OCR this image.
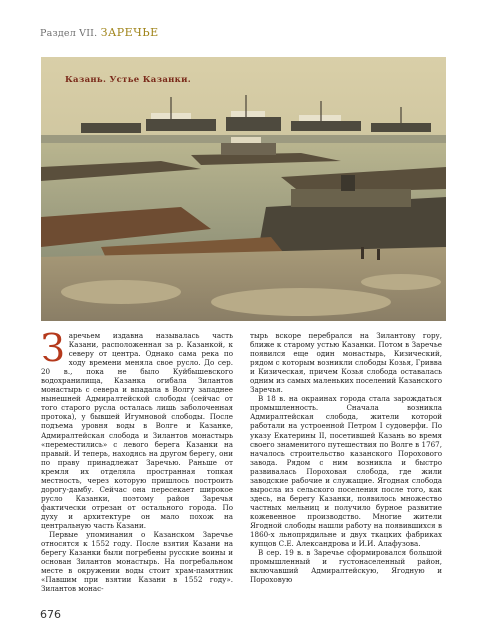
Раздел VII. ЗАРЕЧЬЕ
Казань. Устье Казанки.

Заречьем издавна называлась часть Казани, расположенная за р. Казанкой, к северу от центра. Однако сама река по ходу времени меняла свое русло. До сер. 20 в., пока не было Куйбышевского водохранилища, Казанка огибала Зилантов монастырь с севера и впадала в Волгу западнее нынешней Адмиралтейской слободы (сейчас от того старого русла осталась лишь заболоченная протока), у бывшей Игумновой слободы. После подъема уровня воды в Волге и Казанке, Адмиралтейская слобода и Зилантов монастырь «переместились» с левого берега Казанки на правый. И теперь, находясь на другом берегу, они по праву принадлежат Заречью. Раньше от кремля их отделяла пространная топкая местность, через которую пришлось построить дорогу-дамбу. Сейчас она пересекает широкое русло Казанки, поэтому район Заречья фактически отрезан от остального города. По духу и архитектуре он мало похож на центральную часть Казани.

Первые упоминания о Казанском Заречье относятся к 1552 году. После взятия Казани на берегу Казанки были погребены русские воины и основан Зилантов монастырь. На погребальном месте в окружении воды стоит храм-памятник «Павшим при взятии Казани в 1552 году». Зилантов монас-

тырь вскоре перебрался на Зилантову гору, ближе к старому устью Казанки. Потом в Заречье появился еще один монастырь, Кизический, рядом с которым возникли слободы Козья, Гривва и Кизическая, причем Козья слобода оставалась одним из самых маленьких поселений Казанского Заречья.

В 18 в. на окраинах города стала зарождаться промышленность. Сначала возникла Адмиралтейская слобода, жители которой работали на устроенной Петром I судоверфи. По указу Екатерины II, посетившей Казань во время своего знаменитого путешествия по Волге в 1767, началось строительство казанского Порохового завода. Рядом с ним возникла и быстро развивалась Пороховая слобода, где жили заводские рабочие и служащие. Ягодная слобода выросла из сельского поселения после того, как здесь, на берегу Казанки, появилось множество частных мельниц и получило бурное развитие кожевенное производство. Многие жители Ягодной слободы нашли работу на появившихся в 1860-х льнопрядильне и двух ткацких фабриках купцов С.Е. Александрова и И.И. Алафузова.

В сер. 19 в. в Заречье сформировался большой промышленный и густонаселенный район, включавший Адмиралтейскую, Ягодную и Пороховую

676
